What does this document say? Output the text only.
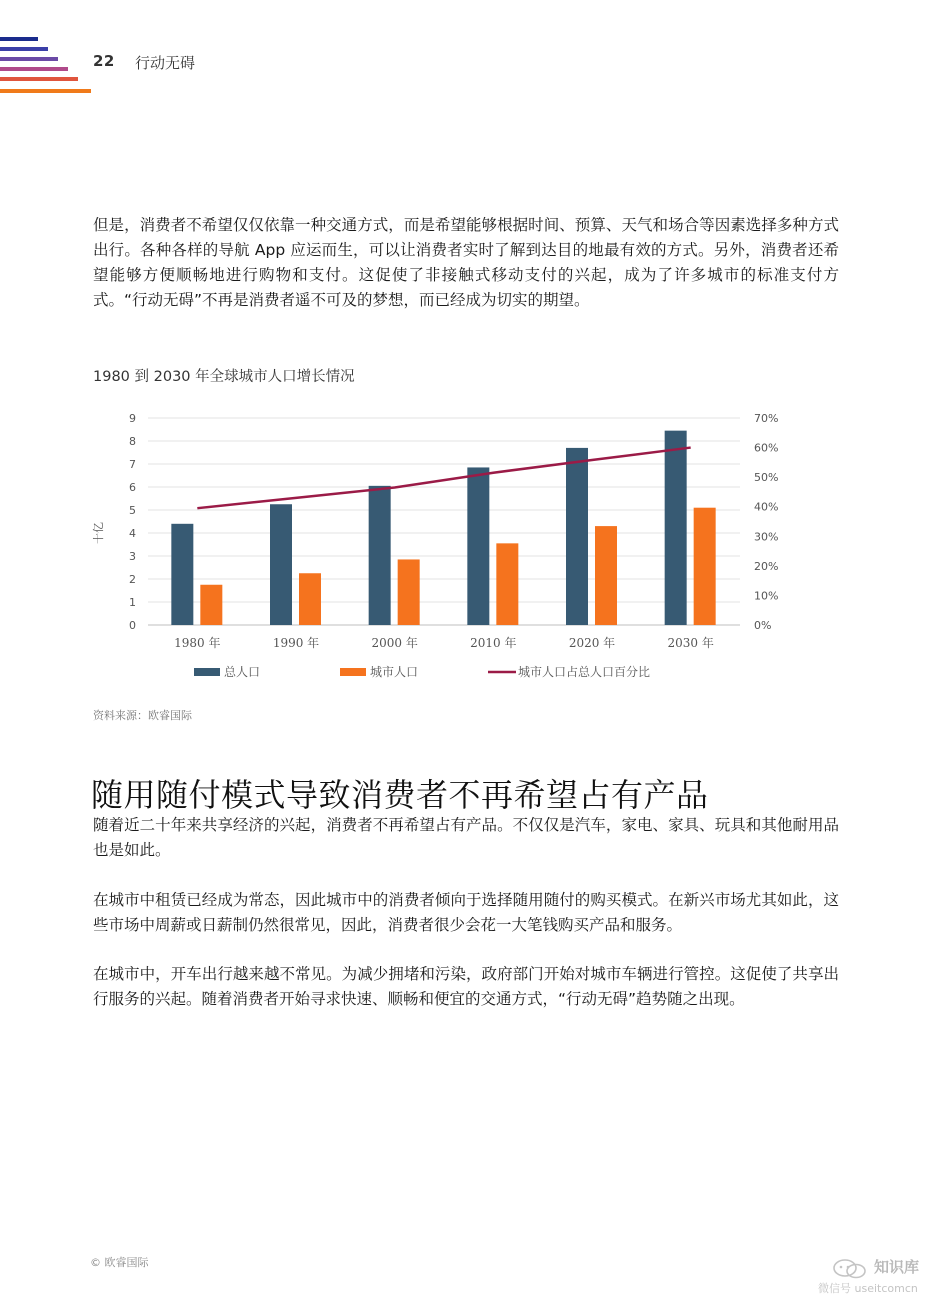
22 行动无碍

但是，消费者不希望仅仅依靠一种交通方式，而是希望能够根据时间、预算、天气和场合等因素选择多种方式出行。各种各样的导航 App 应运而生，可以让消费者实时了解到达目的地最有效的方式。另外，消费者还希望能够方便顺畅地进行购物和支付。这促使了非接触式移动支付的兴起，成为了许多城市的标准支付方式。“行动无碍”不再是消费者遥不可及的梦想，而已经成为切实的期望。

1980 到 2030 年全球城市人口增长情况
0
1
2
3
4
5
6
7
8
9
0%
10%
20%
30%
40%
50%
60%
70%
十亿
1980 年	1990 年	2000 年	2010 年	2020 年	2030 年
总人口	城市人口	城市人口占总人口百分比
资料来源：欧睿国际
随用随付模式导致消费者不再希望占有产品

随着近二十年来共享经济的兴起，消费者不再希望占有产品。不仅仅是汽车，家电、家具、玩具和其他耐用品也是如此。

在城市中租赁已经成为常态，因此城市中的消费者倾向于选择随用随付的购买模式。在新兴市场尤其如此，这些市场中周薪或日薪制仍然很常见，因此，消费者很少会花一大笔钱购买产品和服务。

在城市中，开车出行越来越不常见。为减少拥堵和污染，政府部门开始对城市车辆进行管控。这促使了共享出行服务的兴起。随着消费者开始寻求快速、顺畅和便宜的交通方式，“行动无碍”趋势随之出现。

© 欧睿国际	知识库
微信号 useitcomcn
